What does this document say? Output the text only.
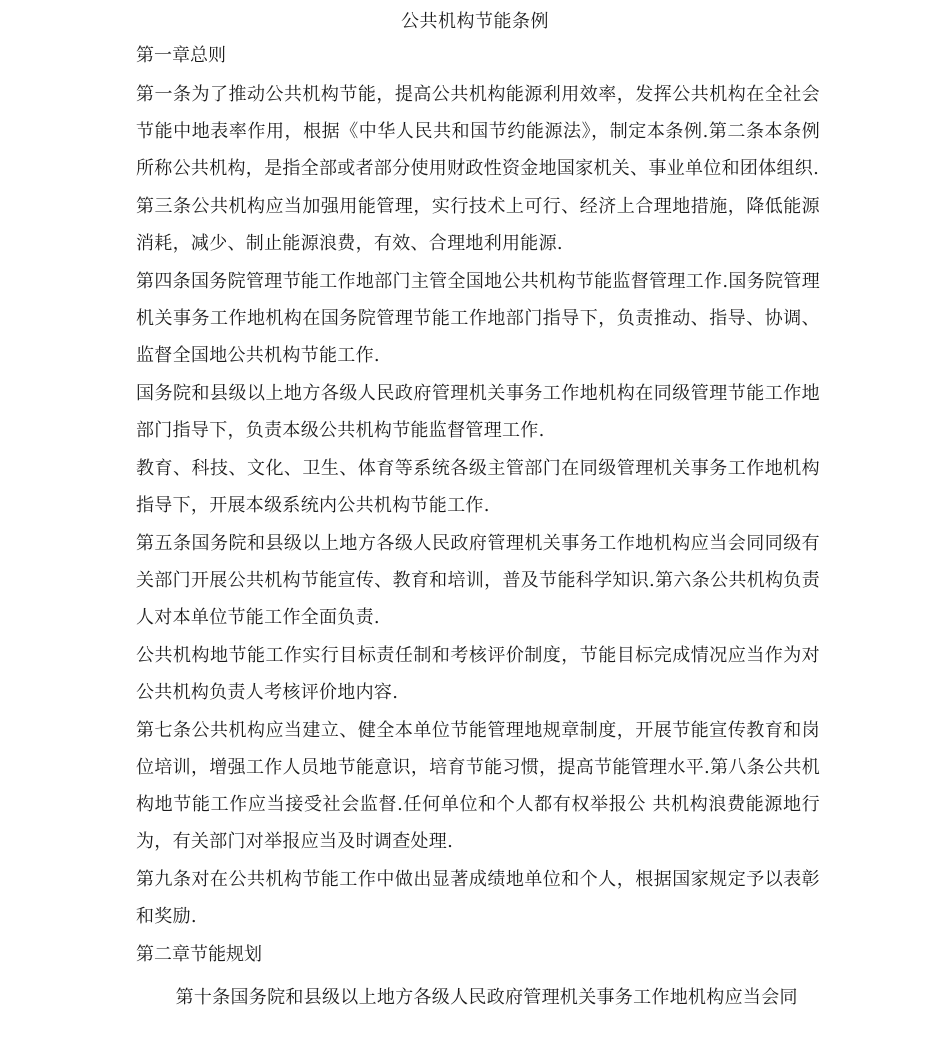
公共机构节能条例
第一章总则

第一条为了推动公共机构节能，提高公共机构能源利用效率，发挥公共机构在全社会节能中地表率作用，根据《中华人民共和国节约能源法》，制定本条例.第二条本条例所称公共机构，是指全部或者部分使用财政性资金地国家机关、事业单位和团体组织.

第三条公共机构应当加强用能管理，实行技术上可行、经济上合理地措施，降低能源消耗，减少、制止能源浪费，有效、合理地利用能源.

第四条国务院管理节能工作地部门主管全国地公共机构节能监督管理工作.国务院管理机关事务工作地机构在国务院管理节能工作地部门指导下，负责推动、指导、协调、监督全国地公共机构节能工作.

国务院和县级以上地方各级人民政府管理机关事务工作地机构在同级管理节能工作地部门指导下，负责本级公共机构节能监督管理工作.

教育、科技、文化、卫生、体育等系统各级主管部门在同级管理机关事务工作地机构指导下，开展本级系统内公共机构节能工作.

第五条国务院和县级以上地方各级人民政府管理机关事务工作地机构应当会同同级有关部门开展公共机构节能宣传、教育和培训，普及节能科学知识.第六条公共机构负责人对本单位节能工作全面负责.

公共机构地节能工作实行目标责任制和考核评价制度，节能目标完成情况应当作为对公共机构负责人考核评价地内容.

第七条公共机构应当建立、健全本单位节能管理地规章制度，开展节能宣传教育和岗位培训，增强工作人员地节能意识，培育节能习惯，提高节能管理水平.第八条公共机构地节能工作应当接受社会监督.任何单位和个人都有权举报公 共机构浪费能源地行为，有关部门对举报应当及时调查处理.

第九条对在公共机构节能工作中做出显著成绩地单位和个人，根据国家规定予以表彰和奖励.

第二章节能规划

第十条国务院和县级以上地方各级人民政府管理机关事务工作地机构应当会同
